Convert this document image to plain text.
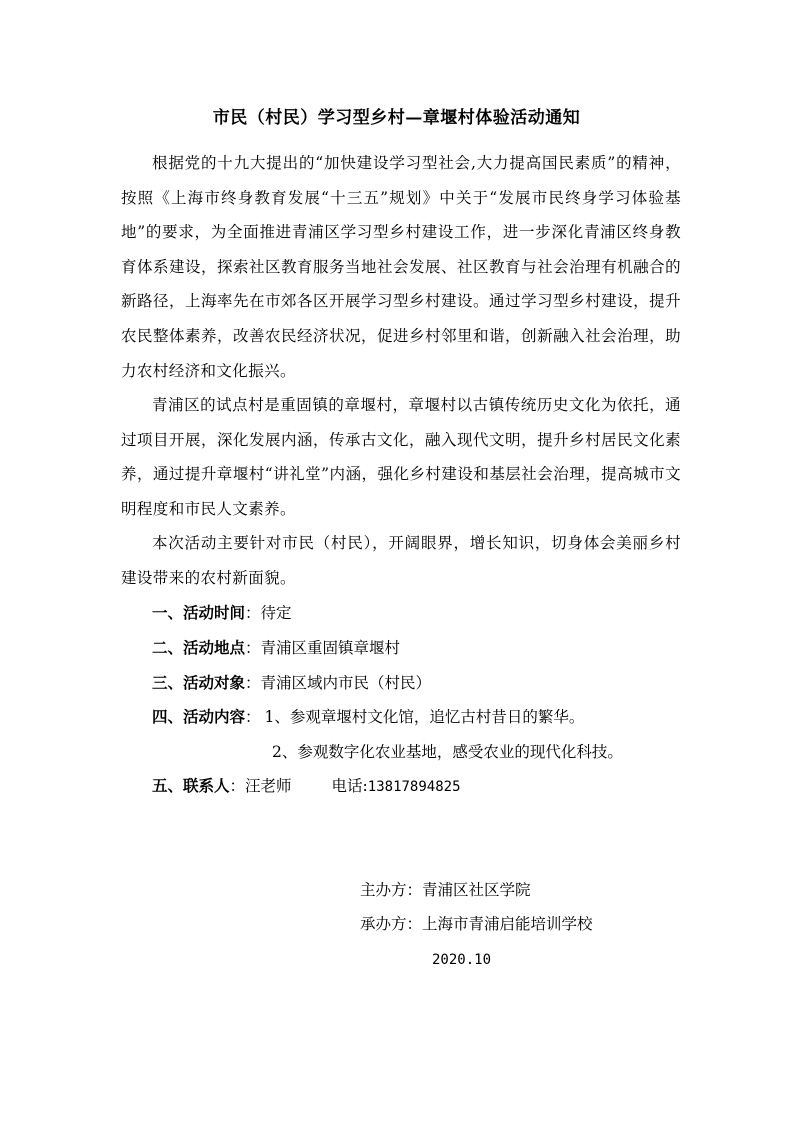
市民（村民）学习型乡村—章堰村体验活动通知
根据党的十九大提出的“加快建设学习型社会,大力提高国民素质”的精神，按照《上海市终身教育发展“十三五”规划》中关于“发展市民终身学习体验基地”的要求，为全面推进青浦区学习型乡村建设工作，进一步深化青浦区终身教育体系建设，探索社区教育服务当地社会发展、社区教育与社会治理有机融合的新路径，上海率先在市郊各区开展学习型乡村建设。通过学习型乡村建设，提升农民整体素养，改善农民经济状况，促进乡村邻里和谐，创新融入社会治理，助力农村经济和文化振兴。
青浦区的试点村是重固镇的章堰村，章堰村以古镇传统历史文化为依托，通过项目开展，深化发展内涵，传承古文化，融入现代文明，提升乡村居民文化素养，通过提升章堰村“讲礼堂”内涵，强化乡村建设和基层社会治理，提高城市文明程度和市民人文素养。
本次活动主要针对市民（村民），开阔眼界，增长知识，切身体会美丽乡村建设带来的农村新面貌。
一、活动时间：待定
二、活动地点：青浦区重固镇章堰村
三、活动对象：青浦区域内市民（村民）
四、活动内容： 1、参观章堰村文化馆，追忆古村昔日的繁华。
2、参观数字化农业基地，感受农业的现代化科技。
五、联系人：汪老师	电话:13817894825
主办方：青浦区社区学院
承办方：上海市青浦启能培训学校
2020.10
